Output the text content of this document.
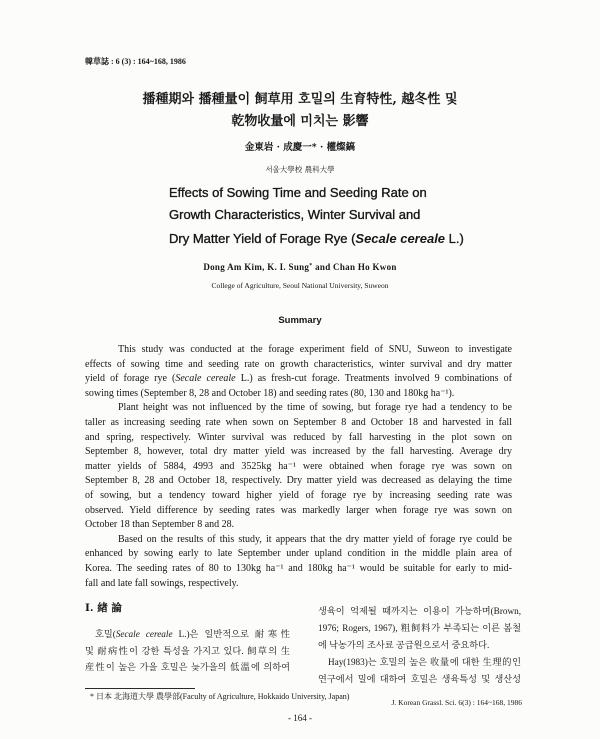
韓草誌 : 6 (3) : 164~168, 1986
播種期와 播種量이 飼草用 호밀의 生育特性, 越冬性 및
乾物收量에 미치는 影響
金東岩 · 成慶一* · 權燦鎬
서울大學校 農科大學
Effects of Sowing Time and Seeding Rate on
Growth Characteristics, Winter Survival and
Dry Matter Yield of Forage Rye (Secale cereale L.)
Dong Am Kim, K. I. Sung* and Chan Ho Kwon
College of Agriculture, Seoul National University, Suweon
Summary
This study was conducted at the forage experiment field of SNU, Suweon to investigate
effects of sowing time and seeding rate on growth characteristics, winter survival and dry matter
yield of forage rye (Secale cereale L.) as fresh-cut forage. Treatments involved 9 combinations of
sowing times (September 8, 28 and October 18) and seeding rates (80, 130 and 180kg ha⁻¹).
Plant height was not influenced by the time of sowing, but forage rye had a tendency to be
taller as increasing seeding rate when sown on September 8 and October 18 and harvested in fall
and spring, respectively. Winter survival was reduced by fall harvesting in the plot sown on
September 8, however, total dry matter yield was increased by the fall harvesting. Average dry
matter yields of 5884, 4993 and 3525kg ha⁻¹ were obtained when forage rye was sown on
September 8, 28 and October 18, respectively. Dry matter yield was decreased as delaying the time
of sowing, but a tendency toward higher yield of forage rye by increasing seeding rate was
observed. Yield difference by seeding rates was markedly larger when forage rye was sown on
October 18 than September 8 and 28.
Based on the results of this study, it appears that the dry matter yield of forage rye could be
enhanced by sowing early to late September under upland condition in the middle plain area of
Korea. The seeding rates of 80 to 130kg ha⁻¹ and 180kg ha⁻¹ would be suitable for early to mid-
fall and late fall sowings, respectively.
I. 緖 論
호밀(Secale cereale L.)은 일반적으로 耐寒性
및 耐病性이 강한 특성을 가지고 있다. 飼草의 生
産性이 높은 가을 호밀은 늦가을의 低溫에 의하여
생육이 억제될 때까지는 이용이 가능하며(Brown,
1976; Rogers, 1967), 粗飼料가 부족되는 이른 봄철
에 낙농가의 조사료 공급원으로서 중요하다.
Hay(1983)는 호밀의 높은 收量에 대한 生理的인
연구에서 밀에 대하여 호밀은 생육특성 및 생산성
* 日本 北海道大學 農學部(Faculty of Agriculture, Hokkaido University, Japan)
J. Korean Grassl. Sci. 6(3) : 164~168, 1986
- 164 -
